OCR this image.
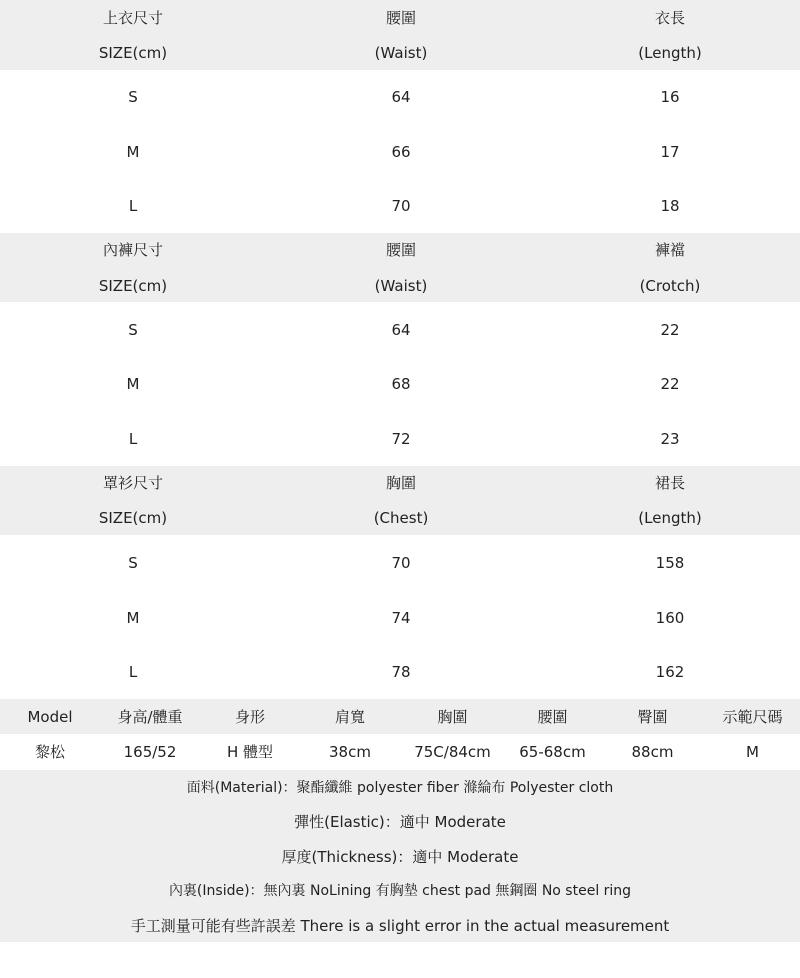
上衣尺寸	腰圍	衣長
SIZE(cm)	(Waist)	(Length)
S	64	16
M	66	17
L	70	18
內褲尺寸	腰圍	褲襠
SIZE(cm)	(Waist)	(Crotch)
S	64	22
M	68	22
L	72	23
罩衫尺寸	胸圍	裙長
SIZE(cm)	(Chest)	(Length)
S	70	158
M	74	160
L	78	162
Model	身高/體重	身形	肩寬	胸圍	腰圍	臀圍	示範尺碼
黎松	165/52	H 體型	38cm	75C/84cm	65-68cm	88cm	M
面料(Material)：聚酯纖維 polyester fiber 滌綸布 Polyester cloth
彈性(Elastic)：適中 Moderate
厚度(Thickness)：適中 Moderate
內裏(Inside)：無內裏 NoLining 有胸墊 chest pad 無鋼圈 No steel ring
手工測量可能有些許誤差 There is a slight error in the actual measurement
